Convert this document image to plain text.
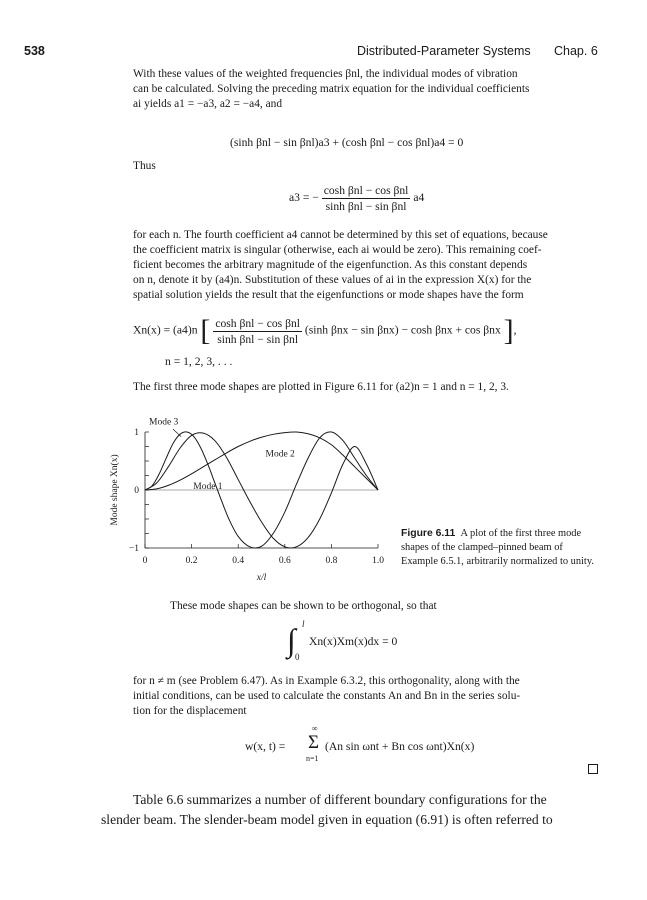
538	Distributed-Parameter Systems Chap. 6
With these values of the weighted frequencies βnl, the individual modes of vibration
can be calculated. Solving the preceding matrix equation for the individual coefficients
ai yields a1 = −a3, a2 = −a4, and
(sinh βnl − sin βnl)a3 + (cosh βnl − cos βnl)a4 = 0
Thus
a3 = − $\frac{\text{cosh βnl − cos βnl}}{\text{sinh βnl − sin βnl}} a4$
for each n. The fourth coefficient a4 cannot be determined by this set of equations, because
the coefficient matrix is singular (otherwise, each ai would be zero). This remaining coef-
ficient becomes the arbitrary magnitude of the eigenfunction. As this constant depends
on n, denote it by (a4)n. Substitution of these values of ai in the expression X(x) for the
spatial solution yields the result that the eigenfunctions or mode shapes have the form
Xn(x) = (a4)n [ $\frac{\text{cosh βnl − cos βnl}}{\text{sinh βnl − sin βnl}} (\sinh$ βnx − sin βnx) − cosh βnx + cos βnx ],
n = 1, 2, 3, . . .
The first three mode shapes are plotted in Figure 6.11 for (a2)n = 1 and n = 1, 2, 3.
0	0.2	0.4	0.6	0.8	1.0
−1
0
1
x/l
Mode shape Xn(x)
Mode 3
Mode 2
Mode 1
Figure 6.11 A plot of the first three mode shapes of the clamped–pinned beam of Example 6.5.1, arbitrarily normalized to unity.
These mode shapes can be shown to be orthogonal, so that
∫ l
0
Xn(x)Xm(x)dx = 0
for n ≠ m (see Problem 6.47). As in Example 6.3.2, this orthogonality, along with the
initial conditions, can be used to calculate the constants An and Bn in the series solu-
tion for the displacement
w(x, t) =
∞
Σ
n=1
(An sin ωnt + Bn cos ωnt)Xn(x)
Table 6.6 summarizes a number of different boundary configurations for the
slender beam. The slender-beam model given in equation (6.91) is often referred to
